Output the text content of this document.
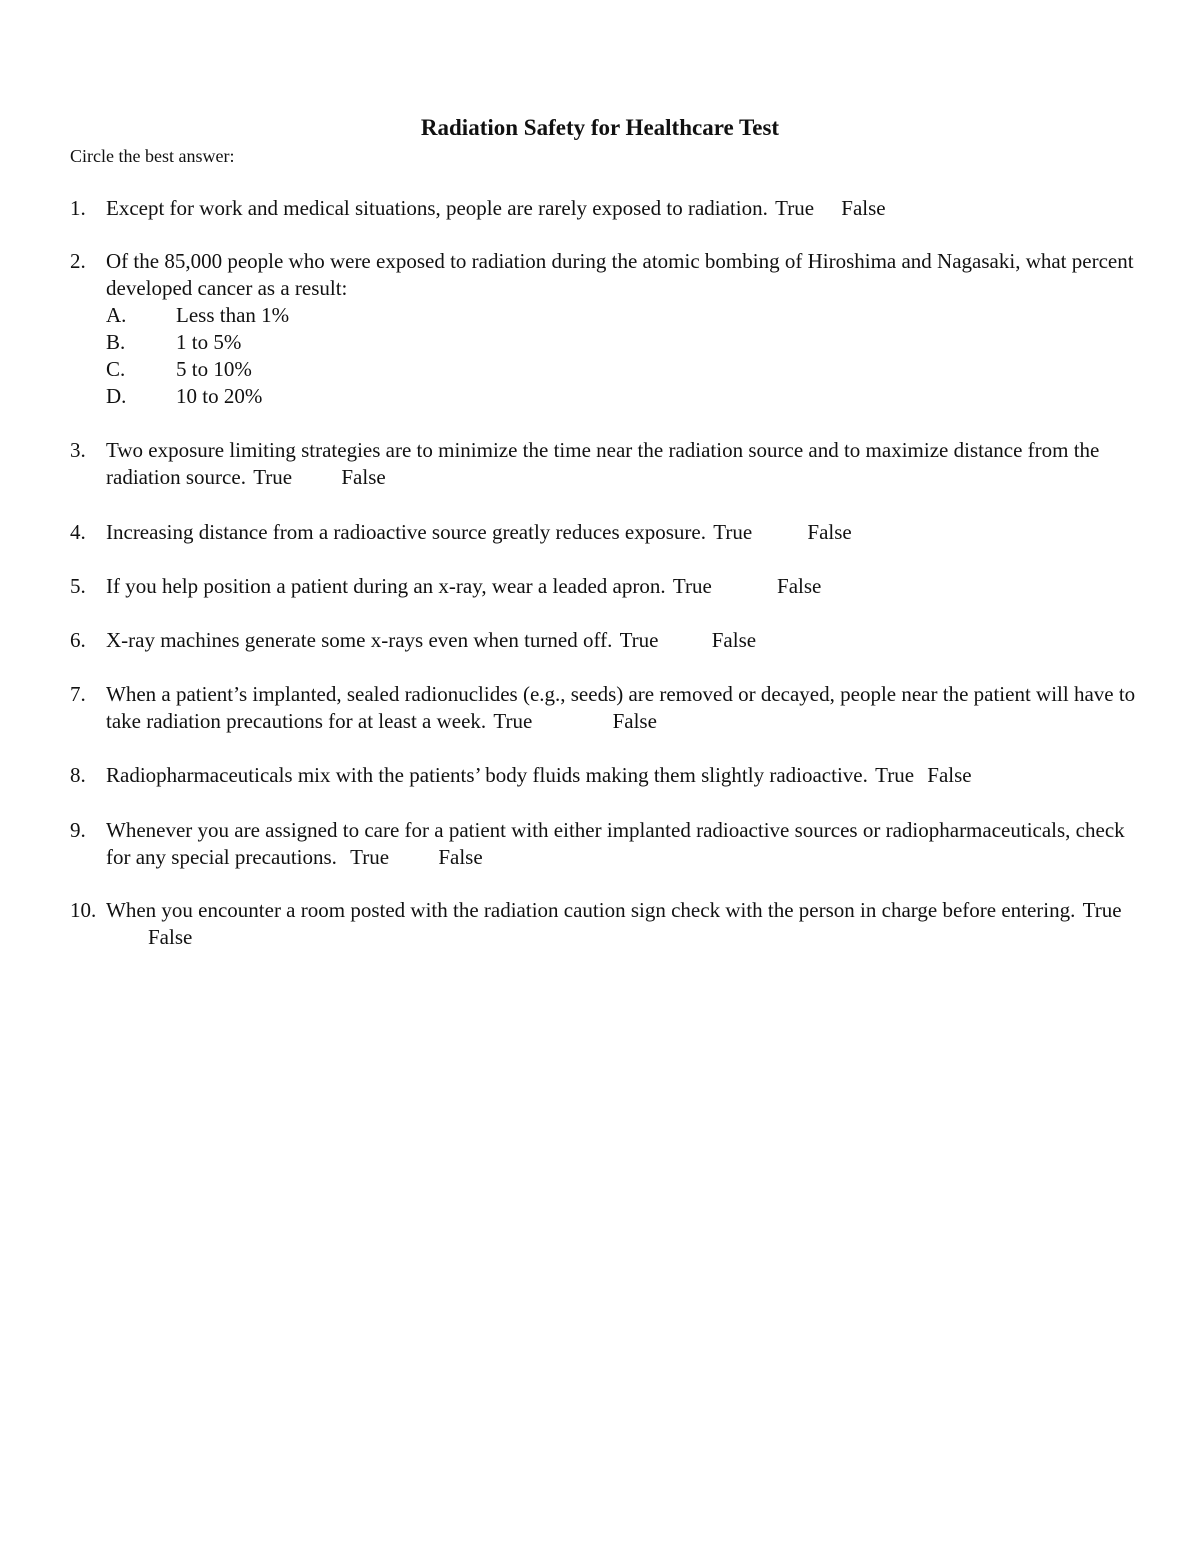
Radiation Safety for Healthcare Test
Circle the best answer:
1. Except for work and medical situations, people are rarely exposed to radiation. True False
2. Of the 85,000 people who were exposed to radiation during the atomic bombing of Hiroshima and Nagasaki, what percent developed cancer as a result:
A. Less than 1%
B. 1 to 5%
C. 5 to 10%
D. 10 to 20%
3. Two exposure limiting strategies are to minimize the time near the radiation source and to maximize distance from the radiation source. True False
4. Increasing distance from a radioactive source greatly reduces exposure. True	False
5. If you help position a patient during an x-ray, wear a leaded apron. True	False
6. X-ray machines generate some x-rays even when turned off. True	False
7. When a patient’s implanted, sealed radionuclides (e.g., seeds) are removed or decayed, people near the patient will have to take radiation precautions for at least a week. True	False
8. Radiopharmaceuticals mix with the patients’ body fluids making them slightly radioactive. True False
9. Whenever you are assigned to care for a patient with either implanted radioactive sources or radiopharmaceuticals, check for any special precautions. True False
10. When you encounter a room posted with the radiation caution sign check with the person in charge before entering. True False
